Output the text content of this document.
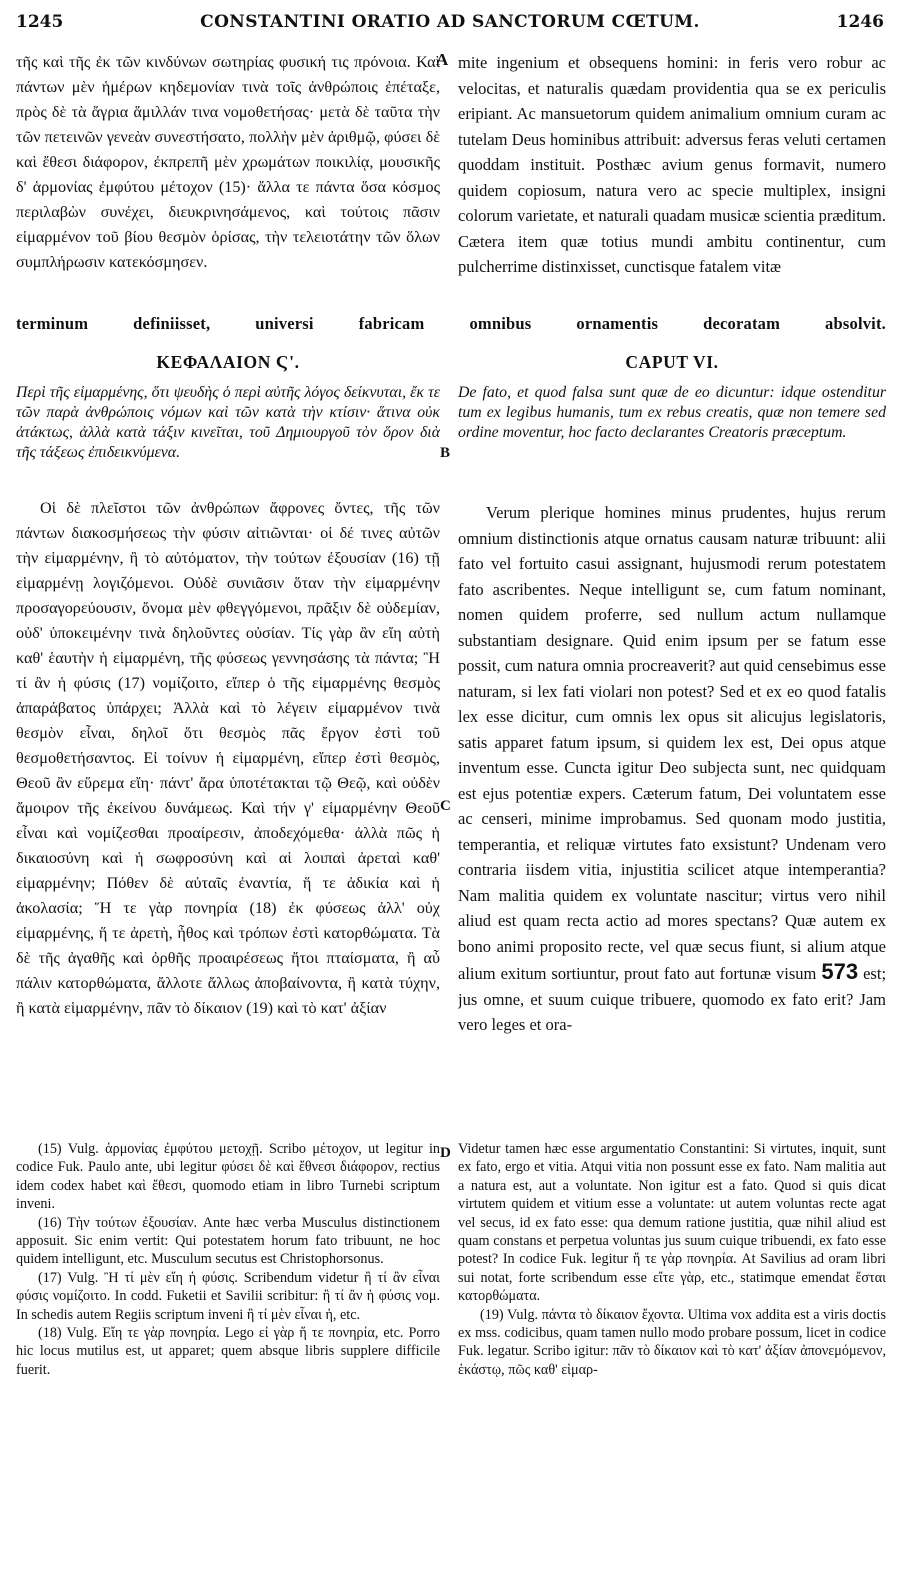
1245	CONSTANTINI ORATIO AD SANCTORUM CŒTUM.	1246
A
B
C
D

τῆς καὶ τῆς ἐκ τῶν κινδύνων σωτηρίας φυσική τις πρόνοια. Καὶ πάντων μὲν ἡμέρων κηδεμονίαν τινὰ τοῖς ἀνθρώποις ἐπέταξε, πρὸς δὲ τὰ ἄγρια ἅμιλλάν τινα νομοθετήσας· μετὰ δὲ ταῦτα τὴν τῶν πετεινῶν γενεὰν συνεστήσατο, πολλὴν μὲν ἀριθμῷ, φύσει δὲ καὶ ἔθεσι διάφορον, ἐκπρεπῆ μὲν χρωμάτων ποικιλίᾳ, μουσικῆς δ' ἁρμονίας ἐμφύτου μέτοχον (15)· ἄλλα τε πάντα ὅσα κόσμος περιλαβὼν συνέχει, διευκρινησάμενος, καὶ τούτοις πᾶσιν εἱμαρμένον τοῦ βίου θεσμὸν ὁρίσας, τὴν τελειοτάτην τῶν ὅλων συμπλήρωσιν κατεκόσμησεν.

mite ingenium et obsequens homini: in feris vero robur ac velocitas, et naturalis quædam providentia qua se ex periculis eripiant. Ac mansuetorum quidem animalium omnium curam ac tutelam Deus hominibus attribuit: adversus feras veluti certamen quoddam instituit. Posthæc avium genus formavit, numero quidem copiosum, natura vero ac specie multiplex, insigni colorum varietate, et naturali quadam musicæ scientia præditum. Cætera item quæ totius mundi ambitu continentur, cum pulcherrime distinxisset, cunctisque fatalem vitæ

terminum definiisset, universi fabricam omnibus ornamentis decoratam absolvit.
ΚΕΦΑΛΑΙΟΝ Ϛ'.	CAPUT VI.

Περὶ τῆς εἱμαρμένης, ὅτι ψευδὴς ὁ περὶ αὐτῆς λόγος δείκνυται, ἔκ τε τῶν παρὰ ἀνθρώποις νόμων καὶ τῶν κατὰ τὴν κτίσιν· ἅτινα οὐκ ἀτάκτως, ἀλλὰ κατὰ τάξιν κινεῖται, τοῦ Δημιουργοῦ τὸν ὅρον διὰ τῆς τάξεως ἐπιδεικνύμενα.

De fato, et quod falsa sunt quæ de eo dicuntur: idque ostenditur tum ex legibus humanis, tum ex rebus creatis, quæ non temere sed ordine moventur, hoc facto declarantes Creatoris præceptum.

Οἱ δὲ πλεῖστοι τῶν ἀνθρώπων ἄφρονες ὄντες, τῆς τῶν πάντων διακοσμήσεως τὴν φύσιν αἰτιῶνται· οἱ δέ τινες αὐτῶν τὴν εἱμαρμένην, ἢ τὸ αὐτόματον, τὴν τούτων ἐξουσίαν (16) τῇ εἱμαρμένῃ λογιζόμενοι. Οὐδὲ συνιᾶσιν ὅταν τὴν εἱμαρμένην προσαγορεύουσιν, ὄνομα μὲν φθεγγόμενοι, πρᾶξιν δὲ οὐδεμίαν, οὐδ' ὑποκειμένην τινὰ δηλοῦντες οὐσίαν. Τίς γὰρ ἂν εἴη αὐτὴ καθ' ἑαυτὴν ἡ εἱμαρμένη, τῆς φύσεως γεννησάσης τὰ πάντα; Ἢ τί ἂν ἡ φύσις (17) νομίζοιτο, εἴπερ ὁ τῆς εἱμαρμένης θεσμὸς ἀπαράβατος ὑπάρχει; Ἀλλὰ καὶ τὸ λέγειν εἱμαρμένον τινὰ θεσμὸν εἶναι, δηλοῖ ὅτι θεσμὸς πᾶς ἔργον ἐστὶ τοῦ θεσμοθετήσαντος. Εἰ τοίνυν ἡ εἱμαρμένη, εἴπερ ἐστὶ θεσμὸς, Θεοῦ ἂν εὕρεμα εἴη· πάντ' ἄρα ὑποτέτακται τῷ Θεῷ, καὶ οὐδὲν ἄμοιρον τῆς ἐκείνου δυνάμεως. Καὶ τήν γ' εἱμαρμένην Θεοῦ εἶναι καὶ νομίζεσθαι προαίρεσιν, ἀποδεχόμεθα· ἀλλὰ πῶς ἡ δικαιοσύνη καὶ ἡ σωφροσύνη καὶ αἱ λοιπαὶ ἀρεταὶ καθ' εἱμαρμένην; Πόθεν δὲ αὐταῖς ἐναντία, ἥ τε ἀδικία καὶ ἡ ἀκολασία; Ἥ τε γὰρ πονηρία (18) ἐκ φύσεως ἀλλ' οὐχ εἱμαρμένης, ἥ τε ἀρετὴ, ἦθος καὶ τρόπων ἐστὶ κατορθώματα. Τὰ δὲ τῆς ἀγαθῆς καὶ ὀρθῆς προαιρέσεως ἤτοι πταίσματα, ἢ αὖ πάλιν κατορθώματα, ἄλλοτε ἄλλως ἀποβαίνοντα, ἢ κατὰ τύχην, ἢ κατὰ εἱμαρμένην, πᾶν τὸ δίκαιον (19) καὶ τὸ κατ' ἀξίαν

Verum plerique homines minus prudentes, hujus rerum omnium distinctionis atque ornatus causam naturæ tribuunt: alii fato vel fortuito casui assignant, hujusmodi rerum potestatem fato ascribentes. Neque intelligunt se, cum fatum nominant, nomen quidem proferre, sed nullum actum nullamque substantiam designare. Quid enim ipsum per se fatum esse possit, cum natura omnia procreaverit? aut quid censebimus esse naturam, si lex fati violari non potest? Sed et ex eo quod fatalis lex esse dicitur, cum omnis lex opus sit alicujus legislatoris, satis apparet fatum ipsum, si quidem lex est, Dei opus atque inventum esse. Cuncta igitur Deo subjecta sunt, nec quidquam est ejus potentiæ expers. Cæterum fatum, Dei voluntatem esse ac censeri, minime improbamus. Sed quonam modo justitia, temperantia, et reliquæ virtutes fato exsistunt? Undenam vero contraria iisdem vitia, injustitia scilicet atque intemperantia? Nam malitia quidem ex voluntate nascitur; virtus vero nihil aliud est quam recta actio ad mores spectans? Quæ autem ex bono animi proposito recte, vel quæ secus fiunt, si alium atque alium exitum sortiuntur, prout fato aut fortunæ visum 573 est; jus omne, et suum cuique tribuere, quomodo ex fato erit? Jam vero leges et ora-

(15) Vulg. ἁρμονίας ἐμφύτου μετοχῇ. Scribo μέτοχον, ut legitur in codice Fuk. Paulo ante, ubi legitur φύσει δὲ καὶ ἔθνεσι διάφορον, rectius idem codex habet καὶ ἔθεσι, quomodo etiam in libro Turnebi scriptum inveni.

(16) Τὴν τούτων ἐξουσίαν. Ante hæc verba Musculus distinctionem apposuit. Sic enim vertit: Qui potestatem horum fato tribuunt, ne hoc quidem intelligunt, etc. Musculum secutus est Christophorsonus.

(17) Vulg. Ἢ τί μὲν εἴη ἡ φύσις. Scribendum videtur ἢ τί ἂν εἶναι φύσις νομίζοιτο. In codd. Fuketii et Savilii scribitur: ἢ τί ἂν ἡ φύσις νομ. In schedis autem Regiis scriptum inveni ἢ τί μὲν εἶναι ἡ, etc.

(18) Vulg. Εἴη τε γὰρ πονηρία. Lego εἰ γὰρ ἥ τε πονηρία, etc. Porro hic locus mutilus est, ut apparet; quem absque libris supplere difficile fuerit.

Videtur tamen hæc esse argumentatio Constantini: Si virtutes, inquit, sunt ex fato, ergo et vitia. Atqui vitia non possunt esse ex fato. Nam malitia aut a natura est, aut a voluntate. Non igitur est a fato. Quod si quis dicat virtutem quidem et vitium esse a voluntate: ut autem voluntas recte agat vel secus, id ex fato esse: qua demum ratione justitia, quæ nihil aliud est quam constans et perpetua voluntas jus suum cuique tribuendi, ex fato esse potest? In codice Fuk. legitur ἥ τε γὰρ πονηρία. At Savilius ad oram libri sui notat, forte scribendum esse εἴτε γὰρ, etc., statimque emendat ἔσται κατορθώματα.

(19) Vulg. πάντα τὸ δίκαιον ἔχοντα. Ultima vox addita est a viris doctis ex mss. codicibus, quam tamen nullo modo probare possum, licet in codice Fuk. legatur. Scribo igitur: πᾶν τὸ δίκαιον καὶ τὸ κατ' ἀξίαν ἀπονεμόμενον, ἑκάστῳ, πῶς καθ' εἱμαρ-
